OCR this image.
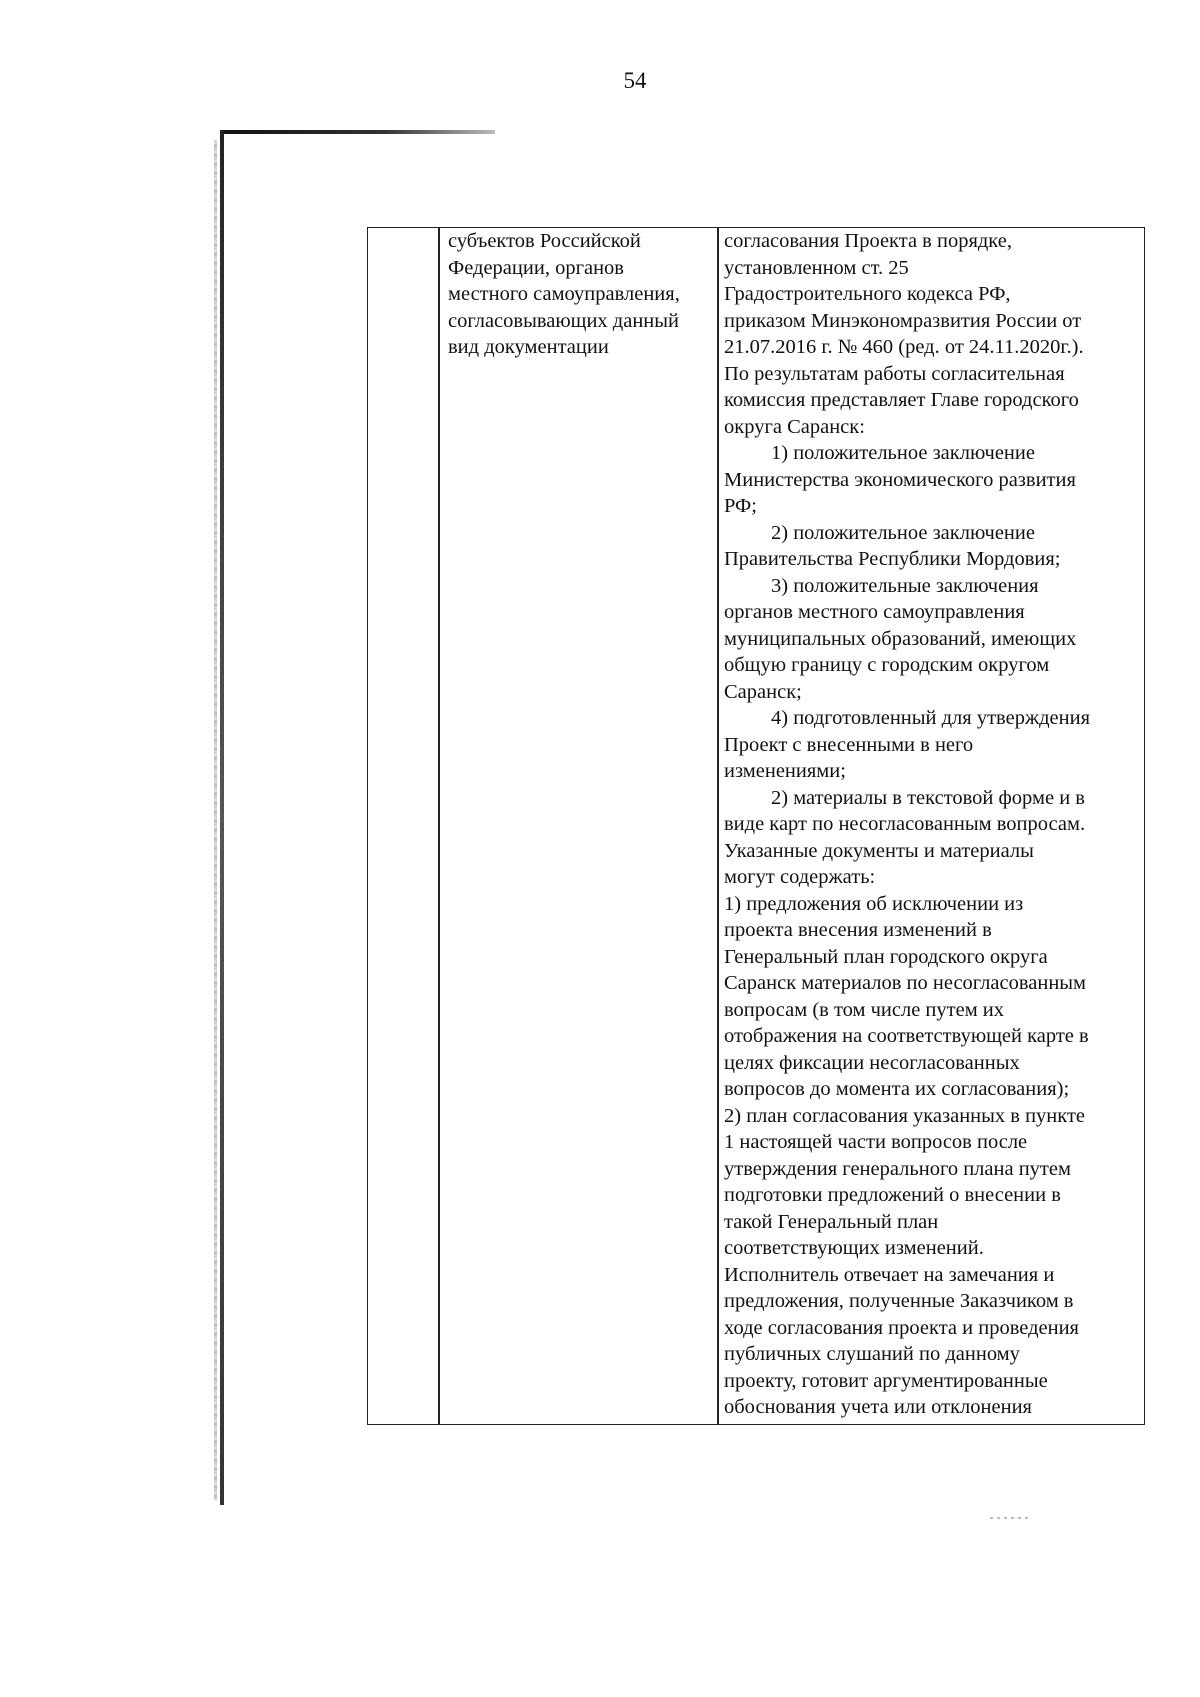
54
субъектов Российской
Федерации, органов
местного самоуправления,
согласовывающих данный
вид документации
согласования Проекта в порядке,
установленном ст. 25
Градостроительного кодекса РФ,
приказом Минэкономразвития России от
21.07.2016 г. № 460 (ред. от 24.11.2020г.).
По результатам работы согласительная
комиссия представляет Главе городского
округа Саранск:
1) положительное заключение
Министерства экономического развития
РФ;
2) положительное заключение
Правительства Республики Мордовия;
3) положительные заключения
органов местного самоуправления
муниципальных образований, имеющих
общую границу с городским округом
Саранск;
4) подготовленный для утверждения
Проект с внесенными в него
изменениями;
2) материалы в текстовой форме и в
виде карт по несогласованным вопросам.
Указанные документы и материалы
могут содержать:
1) предложения об исключении из
проекта внесения изменений в
Генеральный план городского округа
Саранск материалов по несогласованным
вопросам (в том числе путем их
отображения на соответствующей карте в
целях фиксации несогласованных
вопросов до момента их согласования);
2) план согласования указанных в пункте
1 настоящей части вопросов после
утверждения генерального плана путем
подготовки предложений о внесении в
такой Генеральный план
соответствующих изменений.
Исполнитель отвечает на замечания и
предложения, полученные Заказчиком в
ходе согласования проекта и проведения
публичных слушаний по данному
проекту, готовит аргументированные
обоснования учета или отклонения
